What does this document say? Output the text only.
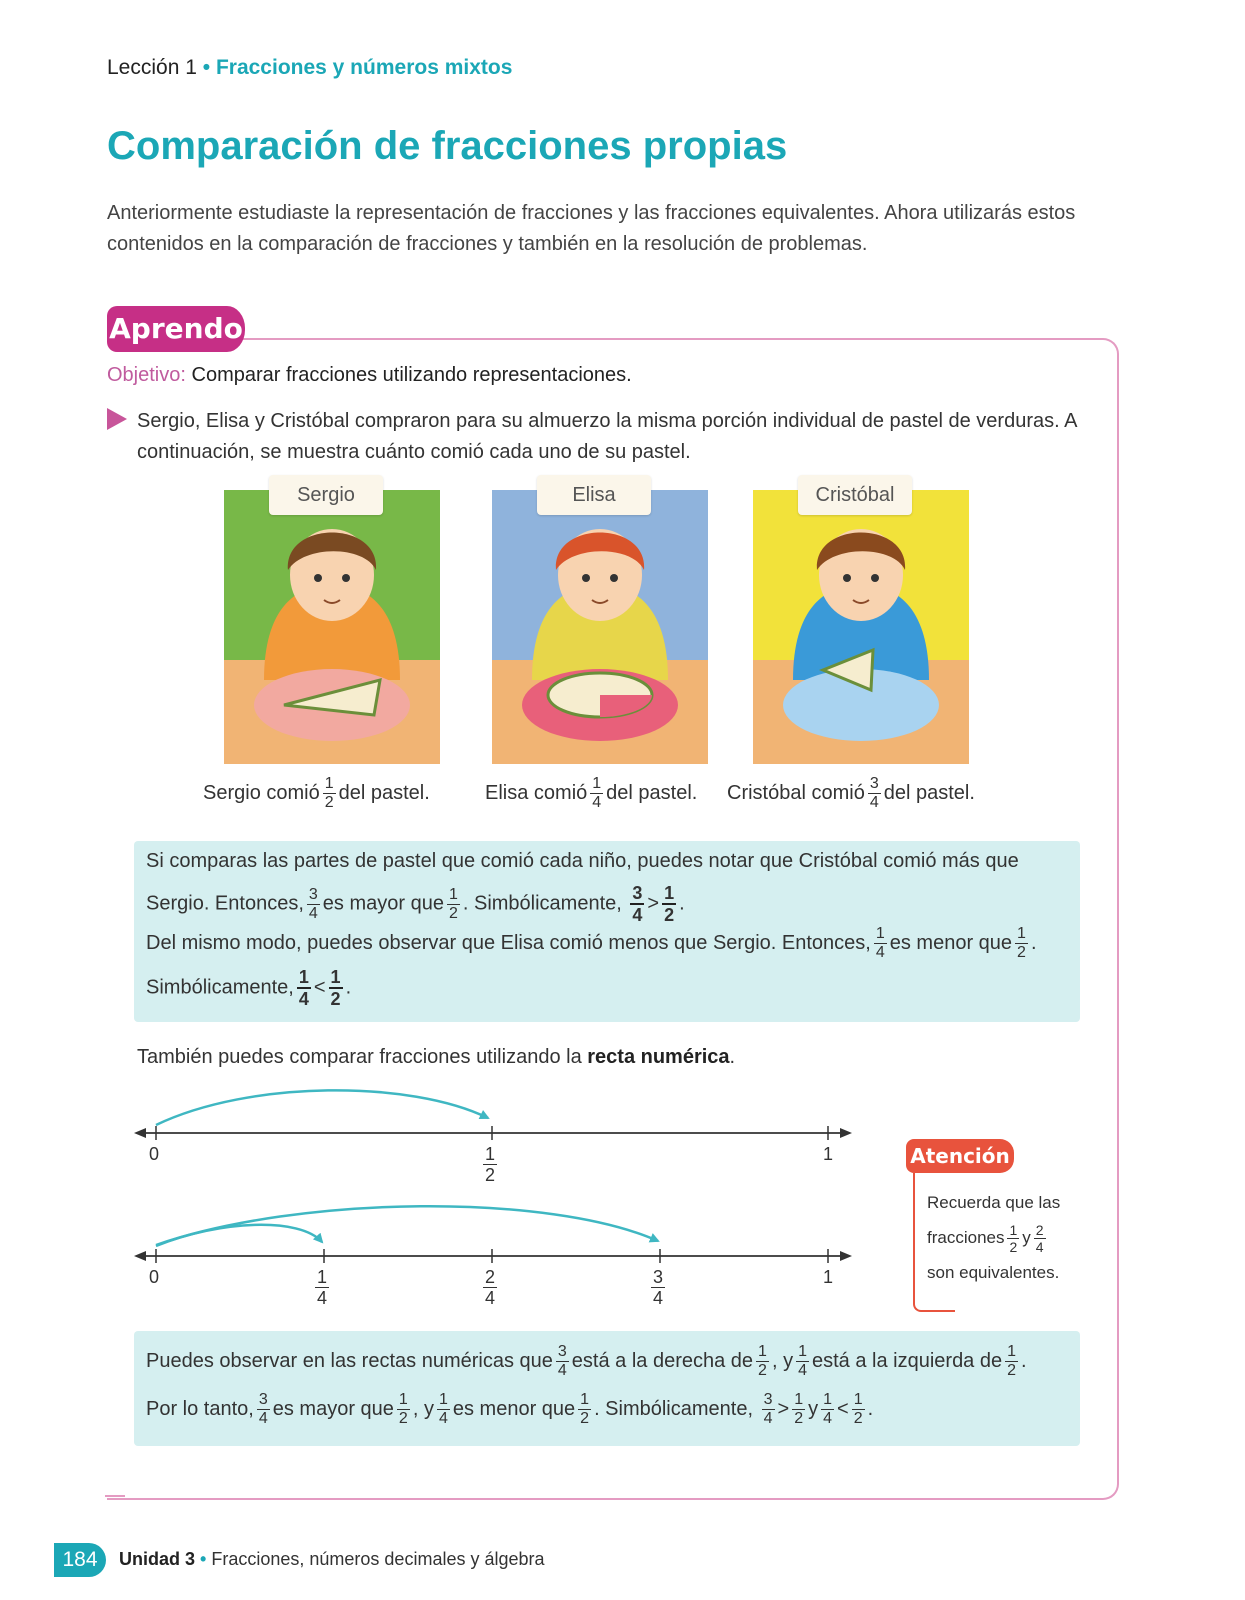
Lección 1 • Fracciones y números mixtos
Comparación de fracciones propias
Anteriormente estudiaste la representación de fracciones y las fracciones equivalentes. Ahora utilizarás estos contenidos en la comparación de fracciones y también en la resolución de problemas.
Aprendo
Objetivo: Comparar fracciones utilizando representaciones.
Sergio, Elisa y Cristóbal compraron para su almuerzo la misma porción individual de pastel de verduras. A continuación, se muestra cuánto comió cada uno de su pastel.
Sergio	Elisa	Cristóbal
Sergio comió $\frac{1}{2}$ del pastel.	Elisa comió $\frac{1}{4}$ del pastel. Cristóbal comió $\frac{3}{4}$ del pastel.
Si comparas las partes de pastel que comió cada niño, puedes notar que Cristóbal comió más que
Sergio. Entonces, $\frac{3}{4}$ es mayor que $\frac{1}{2}$ . Simbólicamente, $\frac{3}{4} > \frac{1}{2}$ .
Del mismo modo, puedes observar que Elisa comió menos que Sergio. Entonces, $\frac{1}{4}$ es menor que $\frac{1}{2}$ .
Simbólicamente, $\frac{1}{4} < \frac{1}{2}$ .
También puedes comparar fracciones utilizando la recta numérica.
0	$\frac{1}{2}$	1
0	$\frac{1}{4}$	$\frac{2}{4}$	$\frac{3}{4}$	1
Atención
Recuerda que las
fracciones $\frac{1}{2}$ y $\frac{2}{4}$
son equivalentes.
Puedes observar en las rectas numéricas que $\frac{3}{4}$ está a la derecha de $\frac{1}{2}$ , y $\frac{1}{4}$ está a la izquierda de $\frac{1}{2}$ .
Por lo tanto, $\frac{3}{4}$ es mayor que $\frac{1}{2}$ , y $\frac{1}{4}$ es menor que $\frac{1}{2}$ . Simbólicamente, $\frac{3}{4} > \frac{1}{2}$ y $\frac{1}{4} < \frac{1}{2}$ .
184	Unidad 3 • Fracciones, números decimales y álgebra
